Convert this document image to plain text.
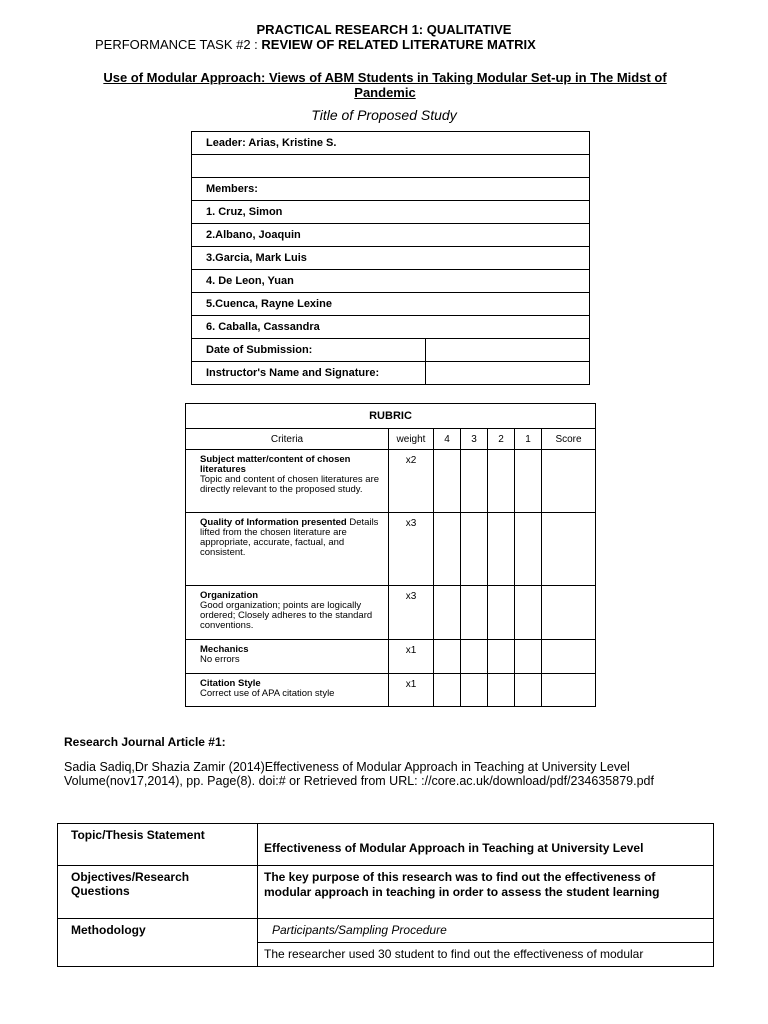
PRACTICAL RESEARCH 1: QUALITATIVE
PERFORMANCE TASK #2 : REVIEW OF RELATED LITERATURE MATRIX
Use of Modular Approach: Views of ABM Students in Taking Modular Set-up in The Midst of Pandemic
Title of Proposed Study
Leader: Arias, Kristine S.	

Members:	
1. Cruz, Simon	
2.Albano, Joaquin	
3.Garcia, Mark Luis	
4. De Leon, Yuan	
5.Cuenca, Rayne Lexine	
6. Caballa, Cassandra	
Date of Submission:	
Instructor's Name and Signature:	
RUBRIC						
Criteria	weight	4	3	2	1	Score
Subject matter/content of chosen literatures
Topic and content of chosen literatures are directly relevant to the proposed study.	x2					
Quality of Information presented Details lifted from the chosen literature are appropriate, accurate, factual, and consistent.	x3					
Organization
Good organization; points are logically ordered; Closely adheres to the standard conventions.	x3					
Mechanics
No errors	x1					
Citation Style
Correct use of APA citation style	x1					
Research Journal Article #1:
Sadia Sadiq,Dr Shazia Zamir (2014)Effectiveness of Modular Approach in Teaching at University Level Volume(nov17,2014), pp. Page(8). doi:# or Retrieved from URL: ://core.ac.uk/download/pdf/234635879.pdf
Topic/Thesis Statement	Effectiveness of Modular Approach in Teaching at University Level
Objectives/Research Questions	The key purpose of this research was to find out the effectiveness of modular approach in teaching in order to assess the student learning
Methodology	Participants/Sampling Procedure
	The researcher used 30 student to find out the effectiveness of modular
